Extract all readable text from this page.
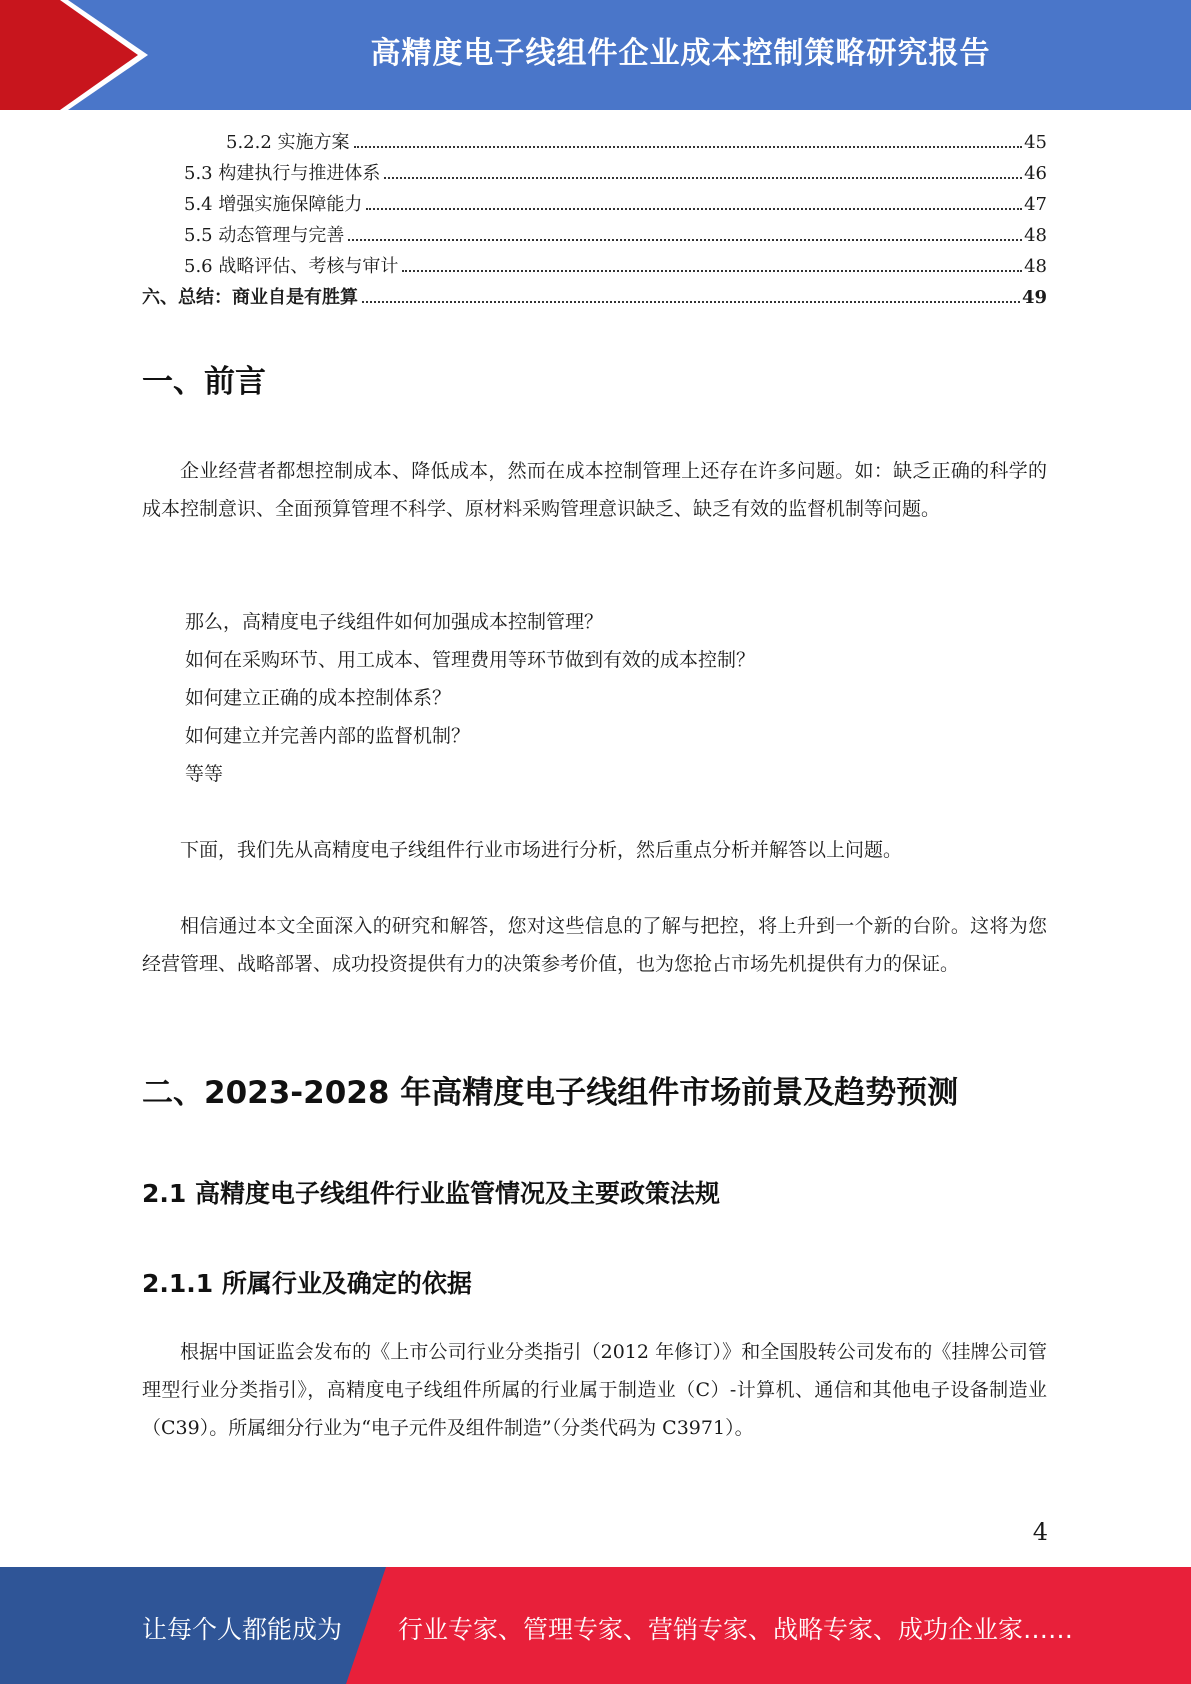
高精度电子线组件企业成本控制策略研究报告
5.2.2 实施方案	45
5.3 构建执行与推进体系	46
5.4 增强实施保障能力	47
5.5 动态管理与完善	48
5.6 战略评估、考核与审计	48
六、总结：商业自是有胜算	49
一、前言

企业经营者都想控制成本、降低成本，然而在成本控制管理上还存在许多问题。如：缺乏正确的科学的成本控制意识、全面预算管理不科学、原材料采购管理意识缺乏、缺乏有效的监督机制等问题。

那么，高精度电子线组件如何加强成本控制管理？
如何在采购环节、用工成本、管理费用等环节做到有效的成本控制？
如何建立正确的成本控制体系？
如何建立并完善内部的监督机制？
等等

下面，我们先从高精度电子线组件行业市场进行分析，然后重点分析并解答以上问题。

相信通过本文全面深入的研究和解答，您对这些信息的了解与把控，将上升到一个新的台阶。这将为您经营管理、战略部署、成功投资提供有力的决策参考价值，也为您抢占市场先机提供有力的保证。

二、2023-2028 年高精度电子线组件市场前景及趋势预测
2.1 高精度电子线组件行业监管情况及主要政策法规
2.1.1 所属行业及确定的依据

根据中国证监会发布的《上市公司行业分类指引（2012 年修订）》和全国股转公司发布的《挂牌公司管理型行业分类指引》，高精度电子线组件所属的行业属于制造业（C）-计算机、通信和其他电子设备制造业（C39）。所属细分行业为“电子元件及组件制造”（分类代码为 C3971）。

4
让每个人都能成为 行业专家、管理专家、营销专家、战略专家、成功企业家……
